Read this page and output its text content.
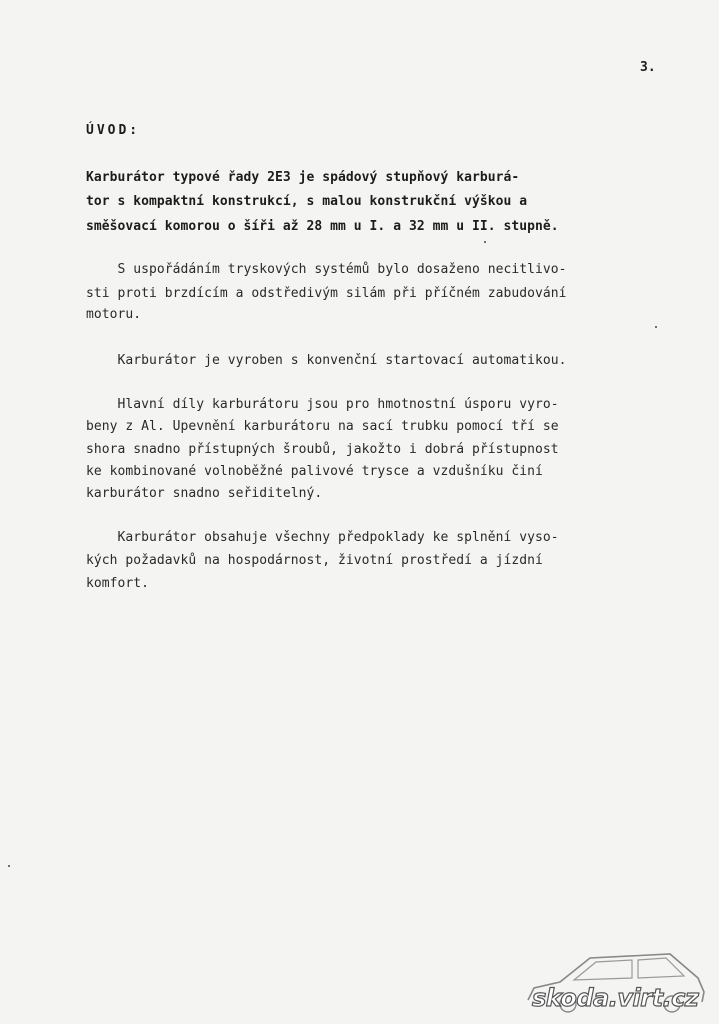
3.
ÚVOD:
Karburátor typové řady 2E3 je spádový stupňový karburá-
tor s kompaktní konstrukcí, s malou konstrukční výškou a
směšovací komorou o šíři až 28 mm u I. a 32 mm u II. stupně.
S uspořádáním tryskových systémů bylo dosaženo necitlivo-
sti proti brzdícím a odstředivým silám při příčném zabudování
motoru.
Karburátor je vyroben s konvenční startovací automatikou.
Hlavní díly karburátoru jsou pro hmotnostní úsporu vyro-
beny z Al. Upevnění karburátoru na sací trubku pomocí tří se
shora snadno přístupných šroubů, jakožto i dobrá přístupnost
ke kombinované volnoběžné palivové trysce a vzdušníku činí
karburátor snadno seřiditelný.
Karburátor obsahuje všechny předpoklady ke splnění vyso-
kých požadavků na hospodárnost, životní prostředí a jízdní
komfort.
skoda.virt.cz
